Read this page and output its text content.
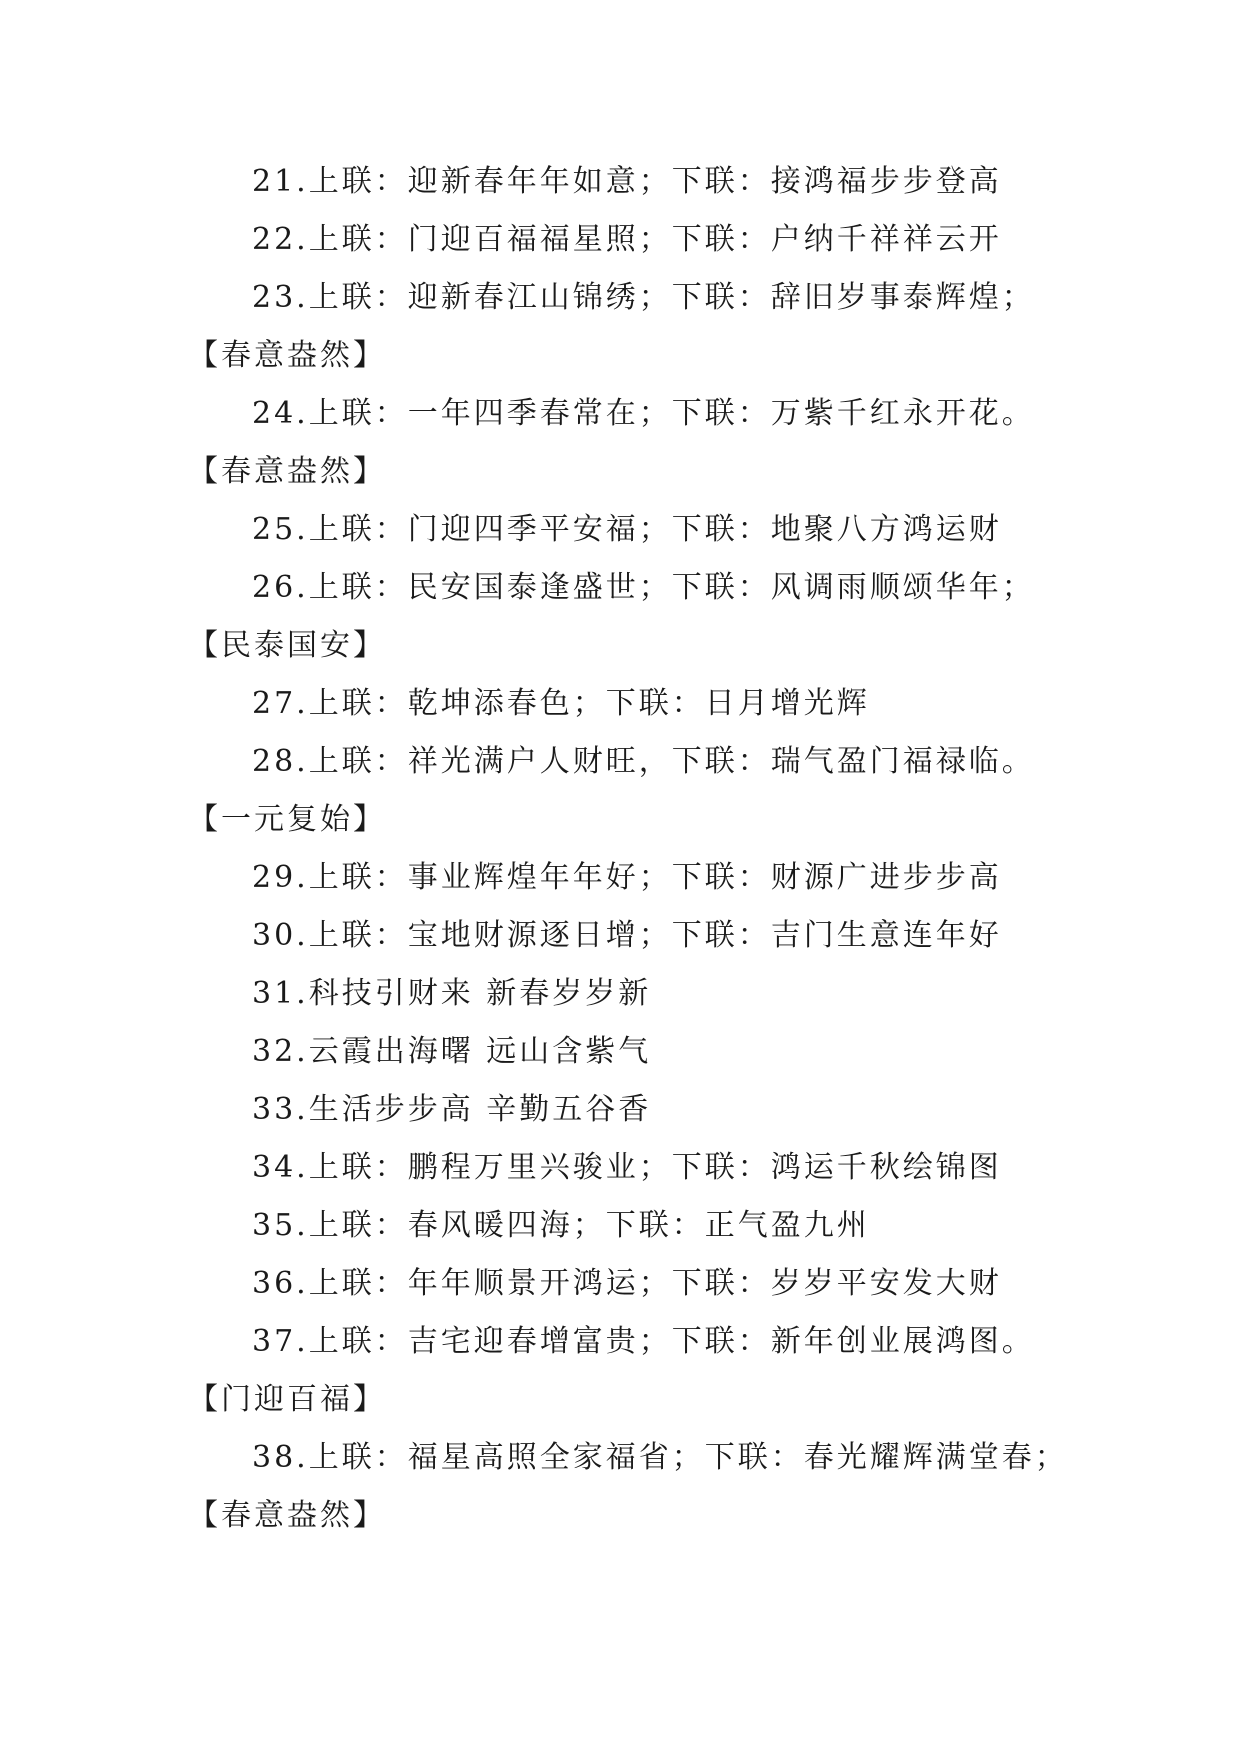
21.上联：迎新春年年如意；下联：接鸿福步步登高
22.上联：门迎百福福星照；下联：户纳千祥祥云开
23.上联：迎新春江山锦绣；下联：辞旧岁事泰辉煌；
【春意盎然】
24.上联：一年四季春常在；下联：万紫千红永开花。
【春意盎然】
25.上联：门迎四季平安福；下联：地聚八方鸿运财
26.上联：民安国泰逢盛世；下联：风调雨顺颂华年；
【民泰国安】
27.上联：乾坤添春色；下联：日月增光辉
28.上联：祥光满户人财旺，下联：瑞气盈门福禄临。
【一元复始】
29.上联：事业辉煌年年好；下联：财源广进步步高
30.上联：宝地财源逐日增；下联：吉门生意连年好
31.科技引财来 新春岁岁新
32.云霞出海曙 远山含紫气
33.生活步步高 辛勤五谷香
34.上联：鹏程万里兴骏业；下联：鸿运千秋绘锦图
35.上联：春风暖四海；下联：正气盈九州
36.上联：年年顺景开鸿运；下联：岁岁平安发大财
37.上联：吉宅迎春增富贵；下联：新年创业展鸿图。
【门迎百福】
38.上联：福星高照全家福省；下联：春光耀辉满堂春；
【春意盎然】
